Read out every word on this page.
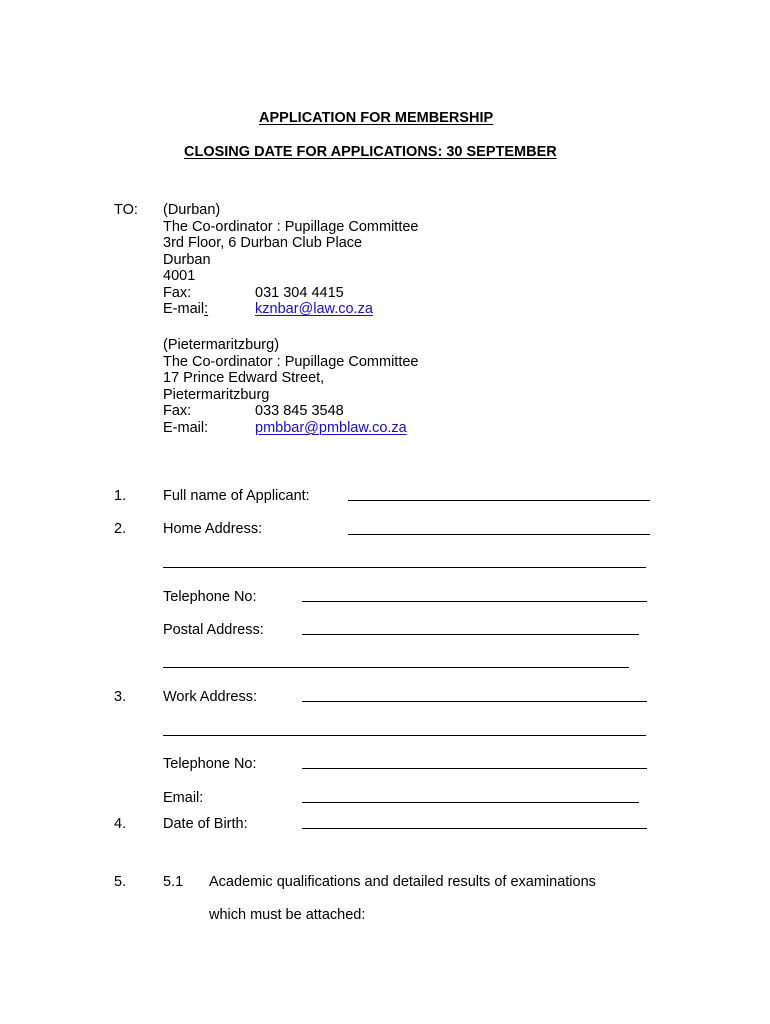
APPLICATION FOR MEMBERSHIP
CLOSING DATE FOR APPLICATIONS: 30 SEPTEMBER
TO: (Durban)
The Co-ordinator : Pupillage Committee
3rd Floor, 6 Durban Club Place
Durban
4001
Fax:	031 304 4415
E-mail:	kznbar@law.co.za
(Pietermaritzburg)
The Co-ordinator : Pupillage Committee
17 Prince Edward Street,
Pietermaritzburg
Fax:	033 845 3548
E-mail:	pmbbar@pmblaw.co.za
1.	Full name of Applicant:
2.	Home Address:
Telephone No:
Postal Address:
3.	Work Address:
Telephone No:
Email:
4.	Date of Birth:
5.	5.1 Academic qualifications and detailed results of examinations
which must be attached:
